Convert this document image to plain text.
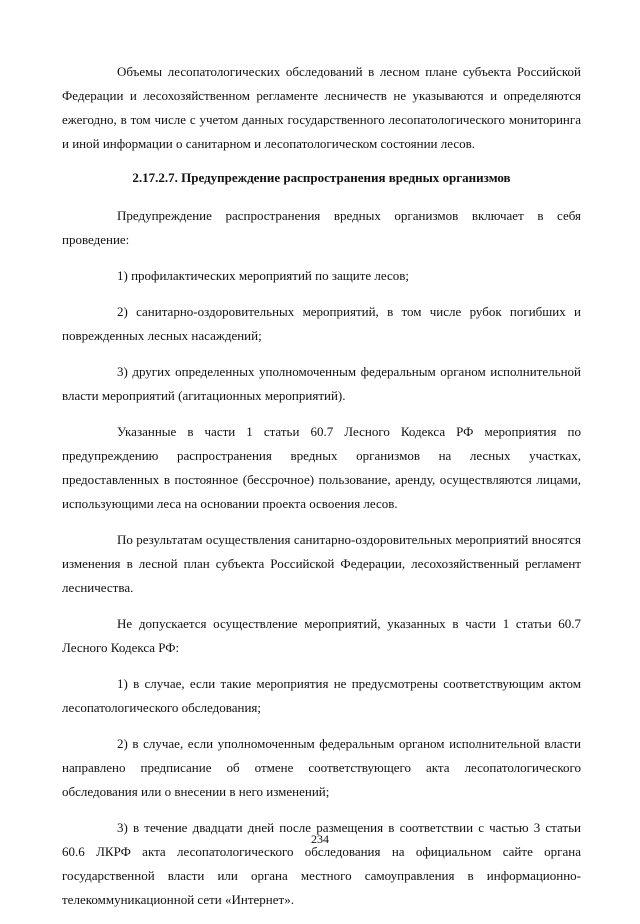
Объемы лесопатологических обследований в лесном плане субъекта Российской Федерации и лесохозяйственном регламенте лесничеств не указываются и определяются ежегодно, в том числе с учетом данных государственного лесопатологического мониторинга и иной информации о санитарном и лесопатологическом состоянии лесов.

2.17.2.7. Предупреждение распространения вредных организмов

Предупреждение распространения вредных организмов включает в себя проведение:

1) профилактических мероприятий по защите лесов;

2) санитарно-оздоровительных мероприятий, в том числе рубок погибших и поврежденных лесных насаждений;

3) других определенных уполномоченным федеральным органом исполнительной власти мероприятий (агитационных мероприятий).

Указанные в части 1 статьи 60.7 Лесного Кодекса РФ мероприятия по предупреждению распространения вредных организмов на лесных участках, предоставленных в постоянное (бессрочное) пользование, аренду, осуществляются лицами, использующими леса на основании проекта освоения лесов.

По результатам осуществления санитарно-оздоровительных мероприятий вносятся изменения в лесной план субъекта Российской Федерации, лесохозяйственный регламент лесничества.

Не допускается осуществление мероприятий, указанных в части 1 статьи 60.7 Лесного Кодекса РФ:

1) в случае, если такие мероприятия не предусмотрены соответствующим актом лесопатологического обследования;

2) в случае, если уполномоченным федеральным органом исполнительной власти направлено предписание об отмене соответствующего акта лесопатологического обследования или о внесении в него изменений;

3) в течение двадцати дней после размещения в соответствии с частью 3 статьи 60.6 ЛКРФ акта лесопатологического обследования на официальном сайте органа государственной власти или органа местного самоуправления в информационно-телекоммуникационной сети «Интернет».

234
